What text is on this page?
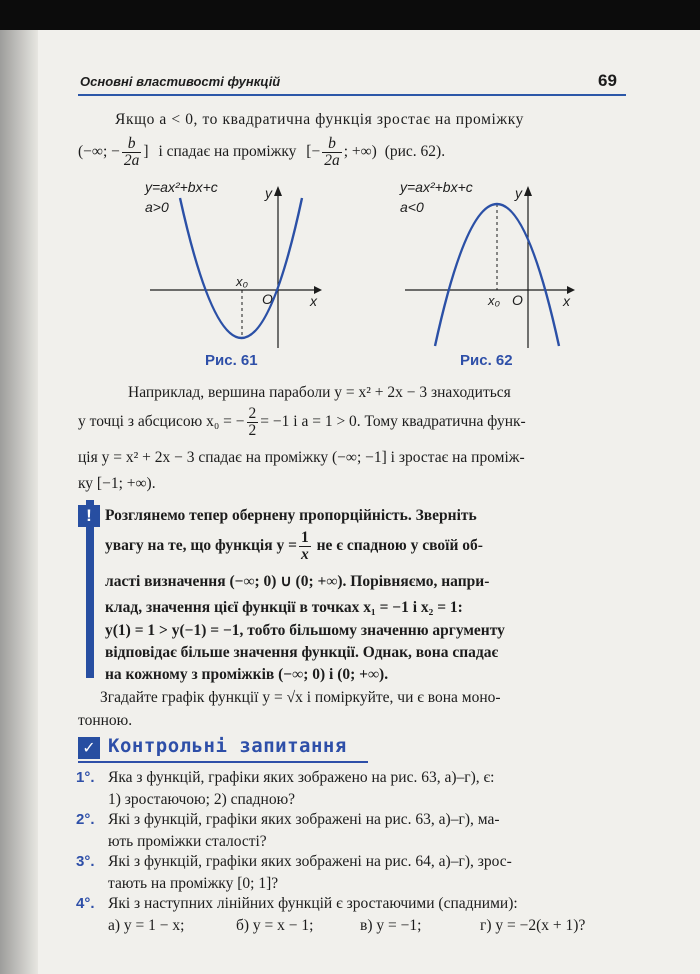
Основні властивості функцій	69

Якщо a < 0, то квадратична функція зростає на проміжку

(−∞; − $\frac{b}{2a}$ ] і спадає на проміжку [− $\frac{b}{2a}$ ; +∞) (рис. 62).
y=ax²+bx+c
a>0
y
x
O
x₀
Рис. 61
y=ax²+bx+c
a<0
y
x
O
x₀
Рис. 62

Наприклад, вершина параболи y = x² + 2x − 3 знаходиться

у точці з абсцисою x₀ = − $\frac{2}{2} = -1$ і a = 1 > 0. Тому квадратична функ-

ція y = x² + 2x − 3 спадає на проміжку (−∞; −1] і зростає на проміж-

ку [−1; +∞).

! Розглянемо тепер обернену пропорційність. Зверніть
увагу на те, що функція $y = \frac{1}{x}$ не є спадною у своїй об-
ласті визначення (−∞; 0) ∪ (0; +∞). Порівняємо, напри-
клад, значення цієї функції в точках x₁ = −1 і x₂ = 1:
y(1) = 1 > y(−1) = −1, тобто більшому значенню аргументу
відповідає більше значення функції. Однак, вона спадає
на кожному з проміжків (−∞; 0) і (0; +∞).

Згадайте графік функції y = √x і поміркуйте, чи є вона моно-

тонною.

✓ Контрольні запитання
1°. Яка з функцій, графіки яких зображено на рис. 63, а)–г), є:

1) зростаючою; 2) спадною?

2°. Які з функцій, графіки яких зображені на рис. 63, а)–г), ма-

ють проміжки сталості?

3°. Які з функцій, графіки яких зображені на рис. 64, а)–г), зрос-

тають на проміжку [0; 1]?

4°. Які з наступних лінійних функцій є зростаючими (спадними):

а) y = 1 − x;	б) y = x − 1;	в) y = −1;	г) y = −2(x + 1)?
